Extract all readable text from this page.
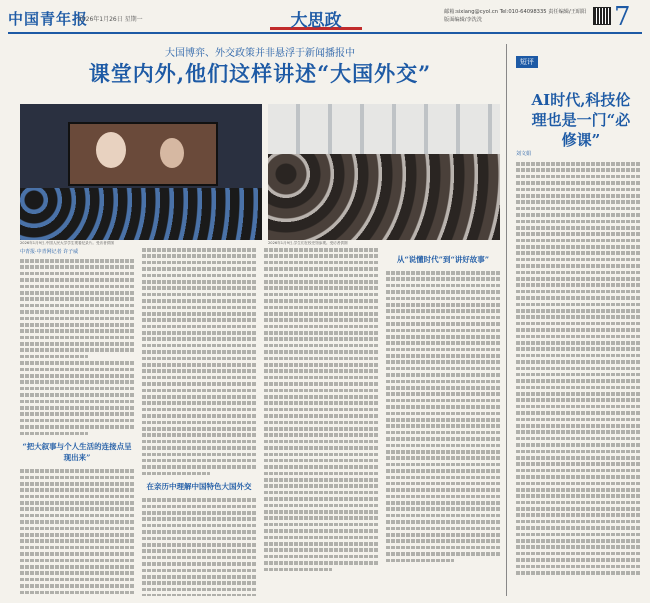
中国青年报
2026年1月26日 星期一	大思政	邮箱:sixiang@cyol.cn Tel:010-64098335 责任编辑/王昭阳 版面编辑/李洗洗	7
大国博弈、外交政策并非悬浮于新闻播报中
课堂内外,他们这样讲述“大国外交”
2026年1月9日,中国人民大学学生观看纪录片。受访者供图	2026年1月9日,学生们在校史馆参观。受访者供图
中青报·中青网记者 许子威
“把大叙事与个人生活的连接点呈现出来”
在亲历中理解中国特色大国外交
从“说懂时代”到“讲好故事”
短评
AI时代,科技伦理也是一门“必修课”
刘文娟
